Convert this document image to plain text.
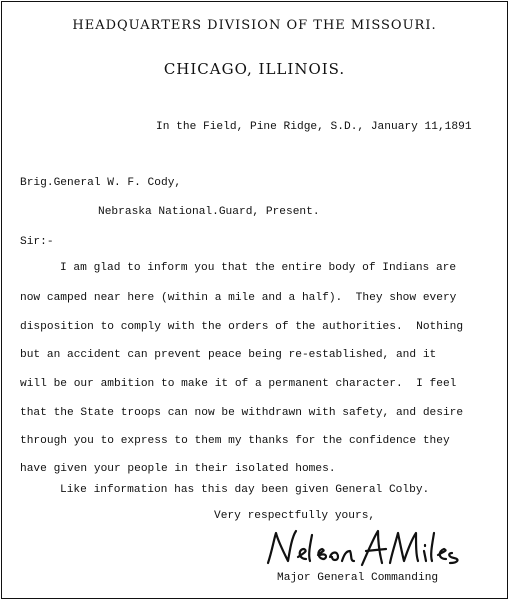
HEADQUARTERS DIVISION OF THE MISSOURI.
CHICAGO, ILLINOIS.
In the Field, Pine Ridge, S.D., January 11,1891
Brig.General W. F. Cody,
Nebraska National.Guard, Present.
Sir:-
I am glad to inform you that the entire body of Indians are
now camped near here (within a mile and a half).  They show every
disposition to comply with the orders of the authorities.  Nothing
but an accident can prevent peace being re-established, and it
will be our ambition to make it of a permanent character.  I feel
that the State troops can now be withdrawn with safety, and desire
through you to express to them my thanks for the confidence they
have given your people in their isolated homes.
Like information has this day been given General Colby.
Very respectfully yours,
Major General Commanding
